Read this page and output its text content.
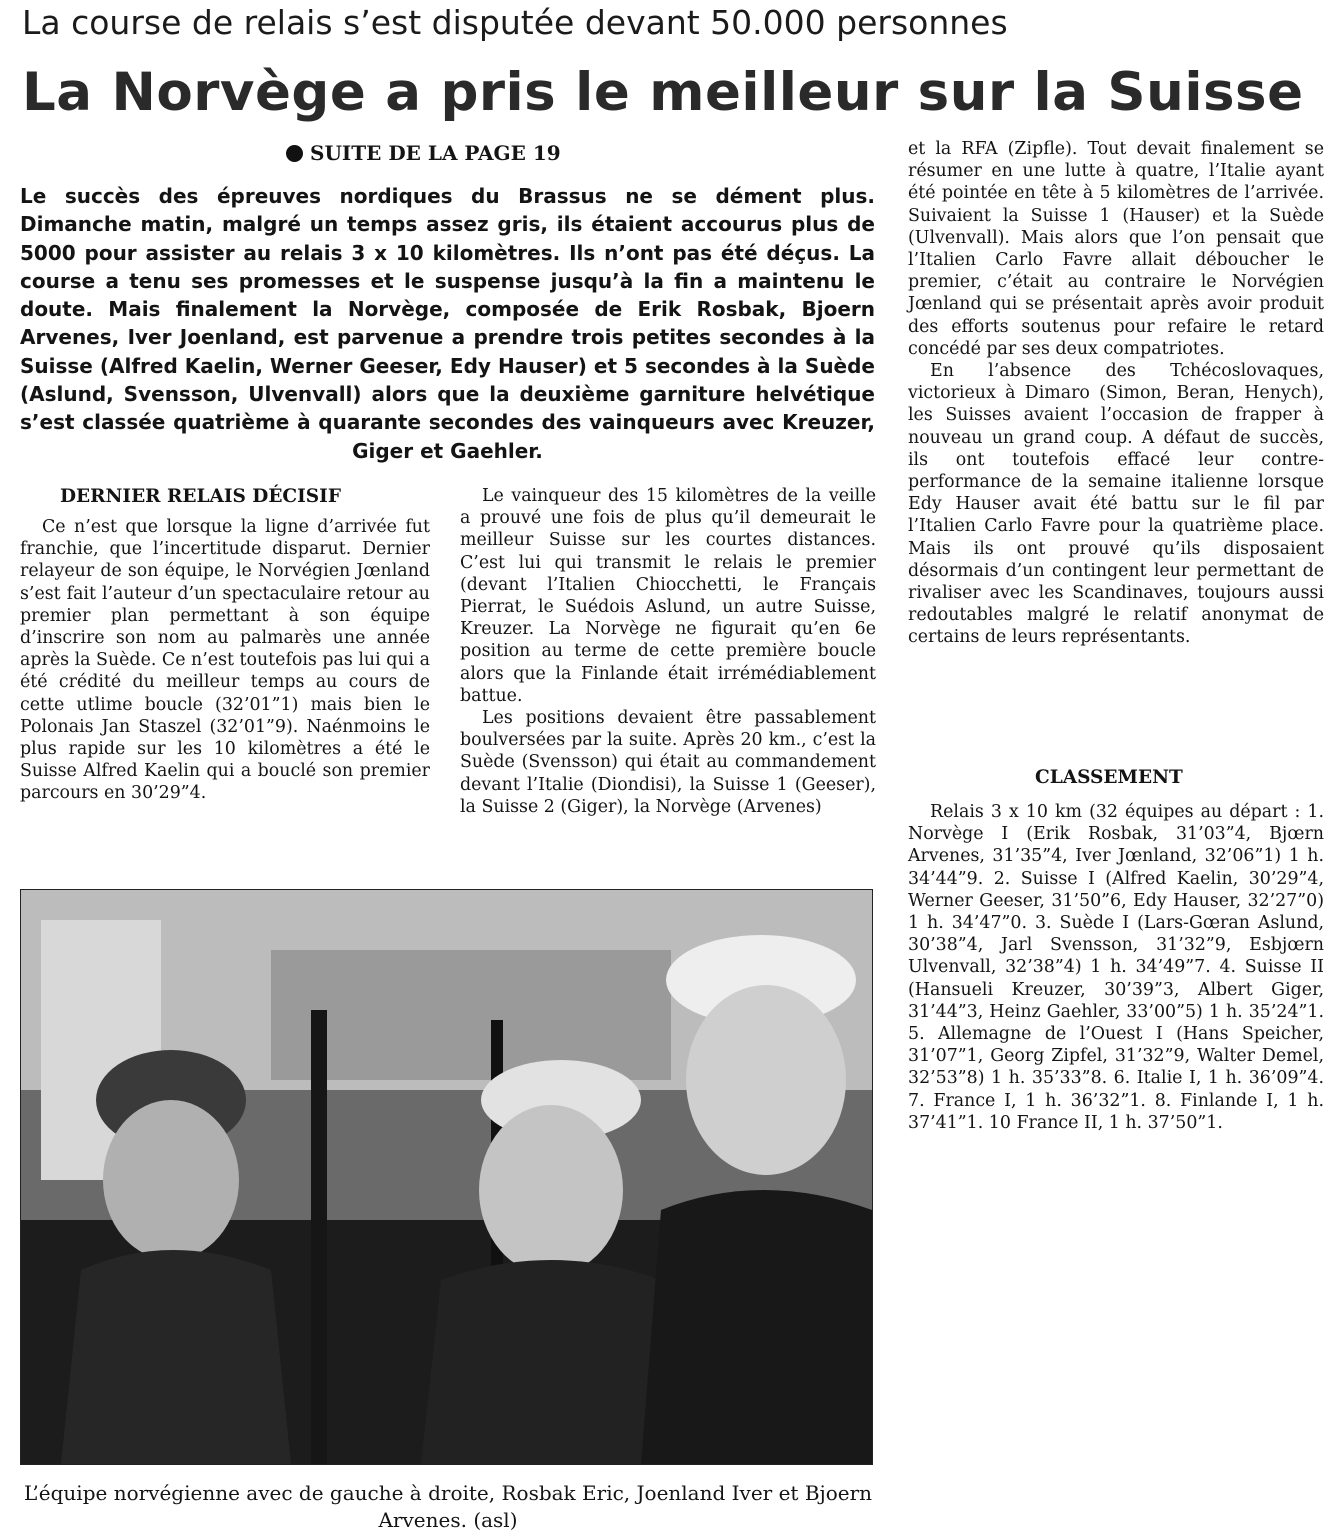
La course de relais s’est disputée devant 50.000 personnes
La Norvège a pris le meilleur sur la Suisse
SUITE DE LA PAGE 19
Le succès des épreuves nordiques du Brassus ne se dément plus. Dimanche matin, malgré un temps assez gris, ils étaient accourus plus de 5000 pour assister au relais 3 x 10 kilomètres. Ils n’ont pas été déçus. La course a tenu ses promesses et le suspense jusqu’à la fin a maintenu le doute. Mais finalement la Norvège, composée de Erik Rosbak, Bjoern Arvenes, Iver Joenland, est parvenue a prendre trois petites secondes à la Suisse (Alfred Kaelin, Werner Geeser, Edy Hauser) et 5 secondes à la Suède (Aslund, Svensson, Ulvenvall) alors que la deuxième garniture helvétique s’est classée quatrième à quarante secondes des vainqueurs avec Kreuzer, Giger et Gaehler.
DERNIER RELAIS DÉCISIF

Ce n’est que lorsque la ligne d’arrivée fut franchie, que l’incertitude disparut. Dernier relayeur de son équipe, le Norvégien Jœnland s’est fait l’auteur d’un spectaculaire retour au premier plan permettant à son équipe d’inscrire son nom au palmarès une année après la Suède. Ce n’est toutefois pas lui qui a été crédité du meilleur temps au cours de cette utlime boucle (32’01”1) mais bien le Polonais Jan Staszel (32’01”9). Naénmoins le plus rapide sur les 10 kilomètres a été le Suisse Alfred Kaelin qui a bouclé son premier parcours en 30’29”4.

Le vainqueur des 15 kilomètres de la veille a prouvé une fois de plus qu’il demeurait le meilleur Suisse sur les courtes distances. C’est lui qui transmit le relais le premier (devant l’Italien Chiocchetti, le Français Pierrat, le Suédois Aslund, un autre Suisse, Kreuzer. La Norvège ne figurait qu’en 6e position au terme de cette première boucle alors que la Finlande était irrémédiablement battue.

Les positions devaient être passablement boulversées par la suite. Après 20 km., c’est la Suède (Svensson) qui était au commandement devant l’Italie (Diondisi), la Suisse 1 (Geeser), la Suisse 2 (Giger), la Norvège (Arvenes)

et la RFA (Zipfle). Tout devait finalement se résumer en une lutte à quatre, l’Italie ayant été pointée en tête à 5 kilomètres de l’arrivée. Suivaient la Suisse 1 (Hauser) et la Suède (Ulvenvall). Mais alors que l’on pensait que l’Italien Carlo Favre allait déboucher le premier, c’était au contraire le Norvégien Jœnland qui se présentait après avoir produit des efforts soutenus pour refaire le retard concédé par ses deux compatriotes.

En l’absence des Tchécoslovaques, victorieux à Dimaro (Simon, Beran, Henych), les Suisses avaient l’occasion de frapper à nouveau un grand coup. A défaut de succès, ils ont toutefois effacé leur contre-performance de la semaine italienne lorsque Edy Hauser avait été battu sur le fil par l’Italien Carlo Favre pour la quatrième place. Mais ils ont prouvé qu’ils disposaient désormais d’un contingent leur permettant de rivaliser avec les Scandinaves, toujours aussi redoutables malgré le relatif anonymat de certains de leurs représentants.

CLASSEMENT

Relais 3 x 10 km (32 équipes au départ : 1. Norvège I (Erik Rosbak, 31’03”4, Bjœrn Arvenes, 31’35”4, Iver Jœnland, 32’06”1) 1 h. 34’44”9. 2. Suisse I (Alfred Kaelin, 30’29”4, Werner Geeser, 31’50”6, Edy Hauser, 32’27”0) 1 h. 34’47”0. 3. Suède I (Lars-Gœran Aslund, 30’38”4, Jarl Svensson, 31’32”9, Esbjœrn Ulvenvall, 32’38”4) 1 h. 34’49”7. 4. Suisse II (Hansueli Kreuzer, 30’39”3, Albert Giger, 31’44”3, Heinz Gaehler, 33’00”5) 1 h. 35’24”1. 5. Allemagne de l’Ouest I (Hans Speicher, 31’07”1, Georg Zipfel, 31’32”9, Walter Demel, 32’53”8) 1 h. 35’33”8. 6. Italie I, 1 h. 36’09”4. 7. France I, 1 h. 36’32”1. 8. Finlande I, 1 h. 37’41”1. 10 France II, 1 h. 37’50”1.

L’équipe norvégienne avec de gauche à droite, Rosbak Eric, Joenland Iver et Bjoern Arvenes. (asl)
